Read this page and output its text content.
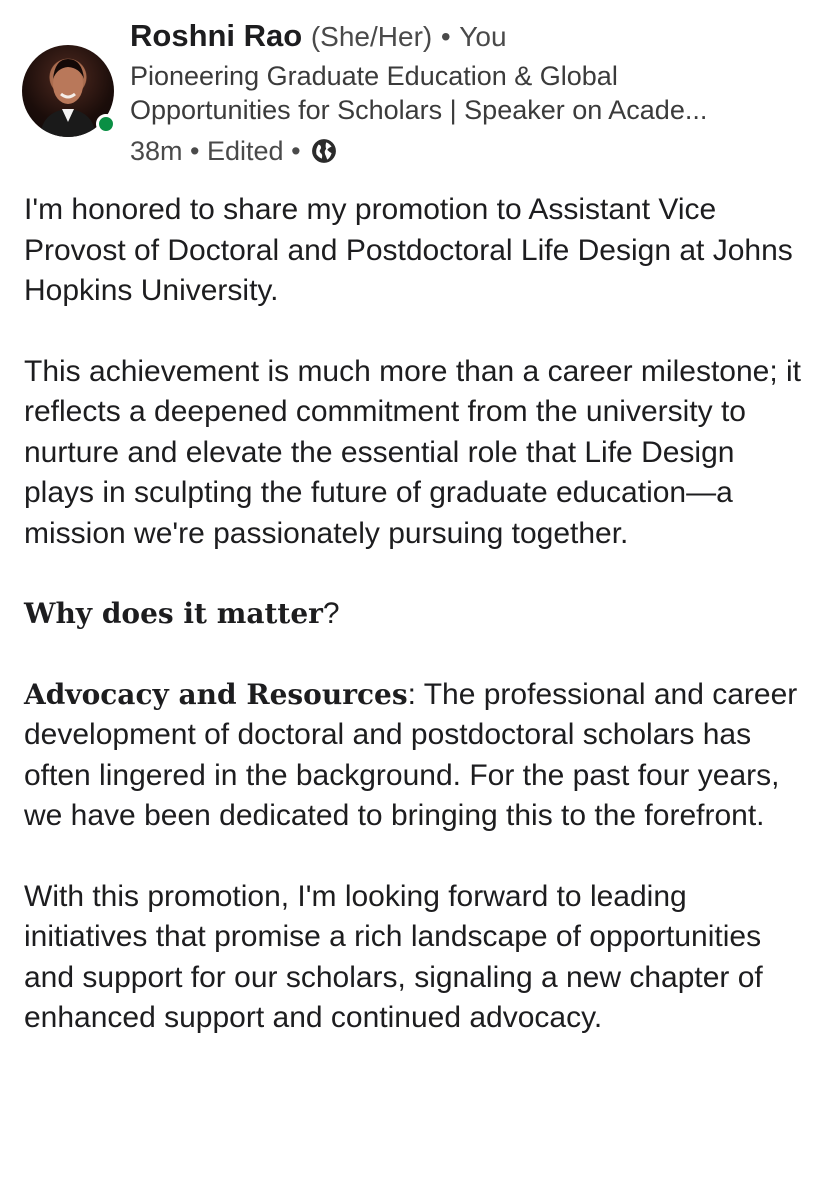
Roshni Rao (She/Her) • You
Pioneering Graduate Education & Global
Opportunities for Scholars | Speaker on Acade...
38m • Edited •

I'm honored to share my promotion to Assistant Vice Provost of Doctoral and Postdoctoral Life Design at Johns Hopkins University.

This achievement is much more than a career milestone; it reflects a deepened commitment from the university to nurture and elevate the essential role that Life Design plays in sculpting the future of graduate education—a mission we're passionately pursuing together.

Why does it matter?

Advocacy and Resources: The professional and career development of doctoral and postdoctoral scholars has often lingered in the background. For the past four years, we have been dedicated to bringing this to the forefront.

With this promotion, I'm looking forward to leading initiatives that promise a rich landscape of opportunities and support for our scholars, signaling a new chapter of enhanced support and continued advocacy.
